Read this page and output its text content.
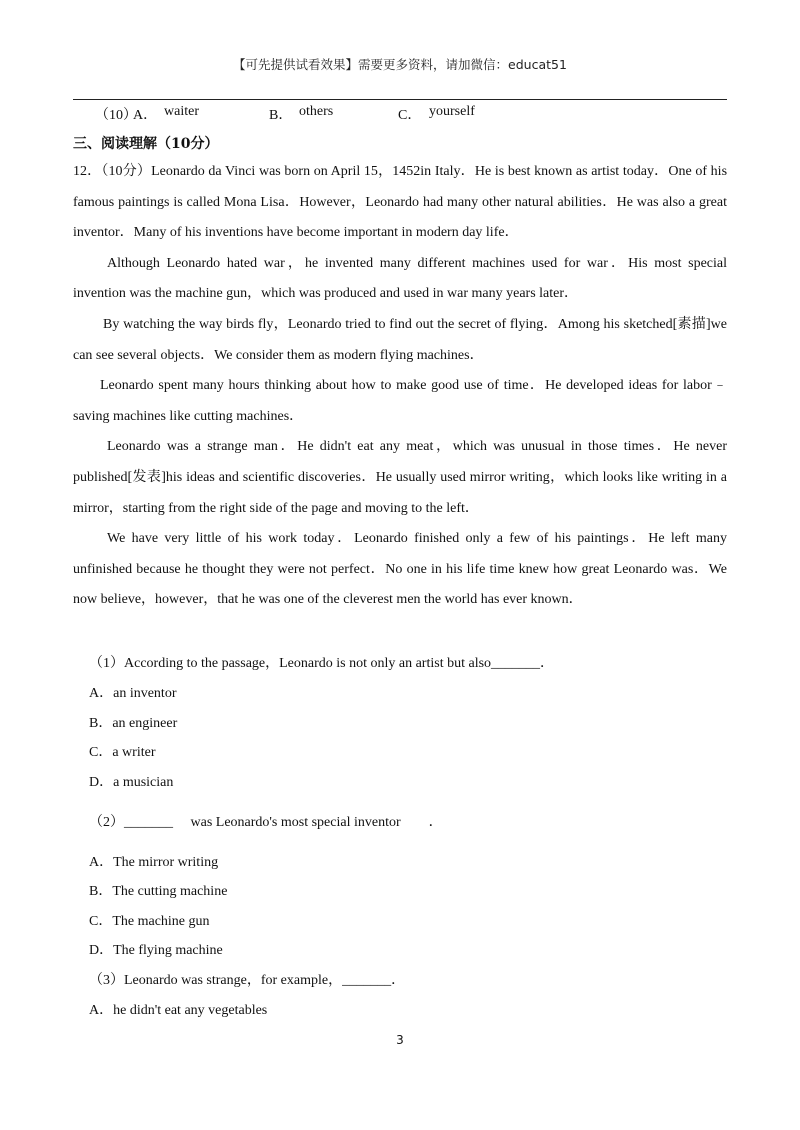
【可先提供试看效果】需要更多资料，请加微信：educat51
（10）
A． waiter	B． others	C． yourself
三、阅读理解（10分）

12．（10分）Leonardo da Vinci was born on April 15，1452in Italy．He is best known as artist today．One of his famous paintings is called Mona Lisa．However，Leonardo had many other natural abilities．He was also a great inventor．Many of his inventions have become important in modern day life．

Although Leonardo hated war，he invented many different machines used for war．His most special invention was the machine gun，which was produced and used in war many years later．

By watching the way birds fly，Leonardo tried to find out the secret of flying．Among his sketched[素描]we can see several objects．We consider them as modern flying machines．

Leonardo spent many hours thinking about how to make good use of time．He developed ideas for labor﹣saving machines like cutting machines．

Leonardo was a strange man．He didn't eat any meat，which was unusual in those times．He never published[发表]his ideas and scientific discoveries．He usually used mirror writing，which looks like writing in a mirror，starting from the right side of the page and moving to the left．

We have very little of his work today．Leonardo finished only a few of his paintings．He left many unfinished because he thought they were not perfect．No one in his life time knew how great Leonardo was．We now believe，however，that he was one of the cleverest men the world has ever known．

（1）According to the passage，Leonardo is not only an artist but also_______．
A．an inventor
B．an engineer
C．a writer
D．a musician
（2）_______　 was Leonardo's most special inventor　　．
A．The mirror writing
B．The cutting machine
C．The machine gun
D．The flying machine
（3）Leonardo was strange，for example，_______．
A．he didn't eat any vegetables
3
